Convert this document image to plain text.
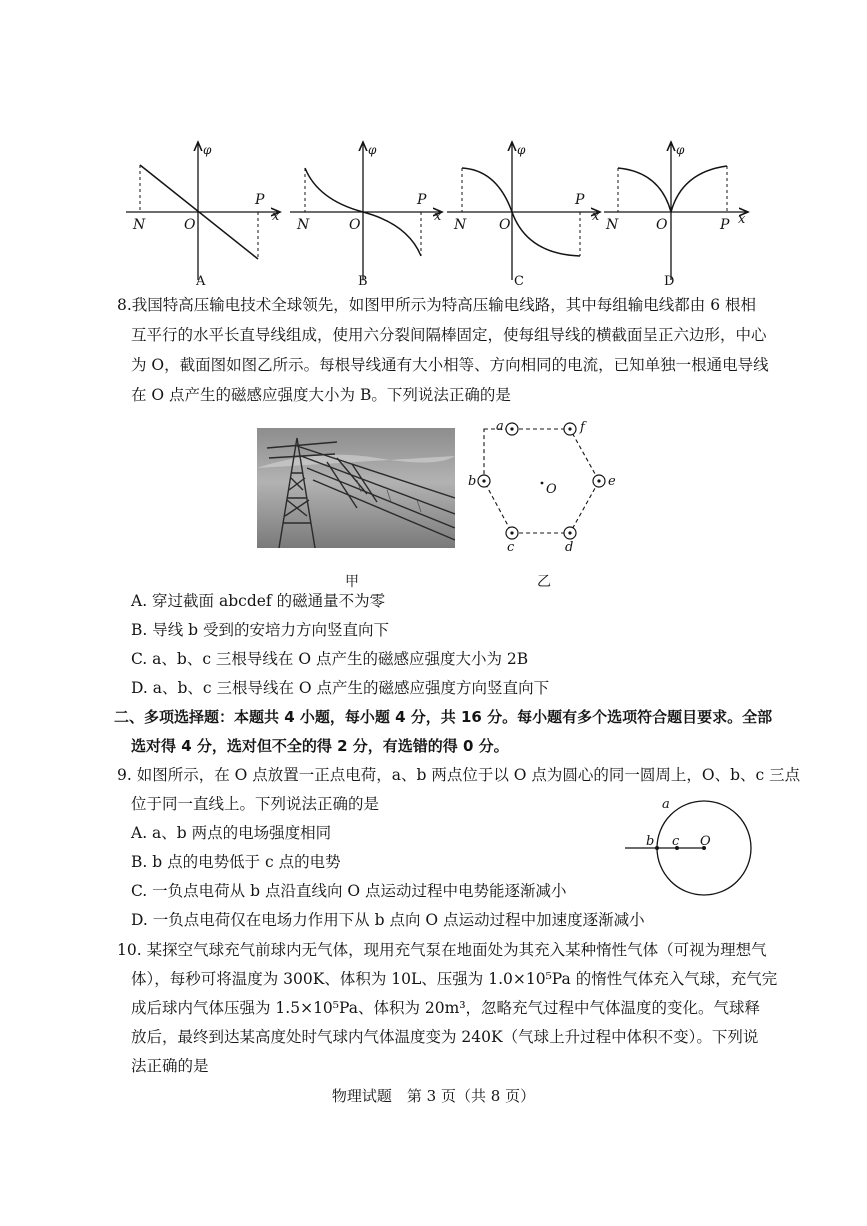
φ
x
N	O
P
A
φ
x
N	O
P
B
φ
x
N O
P
C
φ
x
N	O	P
D
8.我国特高压输电技术全球领先，如图甲所示为特高压输电线路，其中每组输电线都由 6 根相
互平行的水平长直导线组成，使用六分裂间隔棒固定，使每组导线的横截面呈正六边形，中心
为 O，截面图如图乙所示。每根导线通有大小相等、方向相同的电流，已知单独一根通电导线
在 O 点产生的磁感应强度大小为 B。下列说法正确的是
甲
a	f
b	e
c	d
O
乙
A. 穿过截面 abcdef 的磁通量不为零
B. 导线 b 受到的安培力方向竖直向下
C. a、b、c 三根导线在 O 点产生的磁感应强度大小为 2B
D. a、b、c 三根导线在 O 点产生的磁感应强度方向竖直向下
二、多项选择题：本题共 4 小题，每小题 4 分，共 16 分。每小题有多个选项符合题目要求。全部
选对得 4 分，选对但不全的得 2 分，有选错的得 0 分。
9. 如图所示，在 O 点放置一正点电荷，a、b 两点位于以 O 点为圆心的同一圆周上，O、b、c 三点
位于同一直线上。下列说法正确的是
A. a、b 两点的电场强度相同
B. b 点的电势低于 c 点的电势
C. 一负点电荷从 b 点沿直线向 O 点运动过程中电势能逐渐减小
D. 一负点电荷仅在电场力作用下从 b 点向 O 点运动过程中加速度逐渐减小
a
b c O
10. 某探空气球充气前球内无气体，现用充气泵在地面处为其充入某种惰性气体（可视为理想气
体），每秒可将温度为 300K、体积为 10L、压强为 1.0×10⁵Pa 的惰性气体充入气球，充气完
成后球内气体压强为 1.5×10⁵Pa、体积为 20m³，忽略充气过程中气体温度的变化。气球释
放后，最终到达某高度处时气球内气体温度变为 240K（气球上升过程中体积不变）。下列说
法正确的是
物理试题　第 3 页（共 8 页）
